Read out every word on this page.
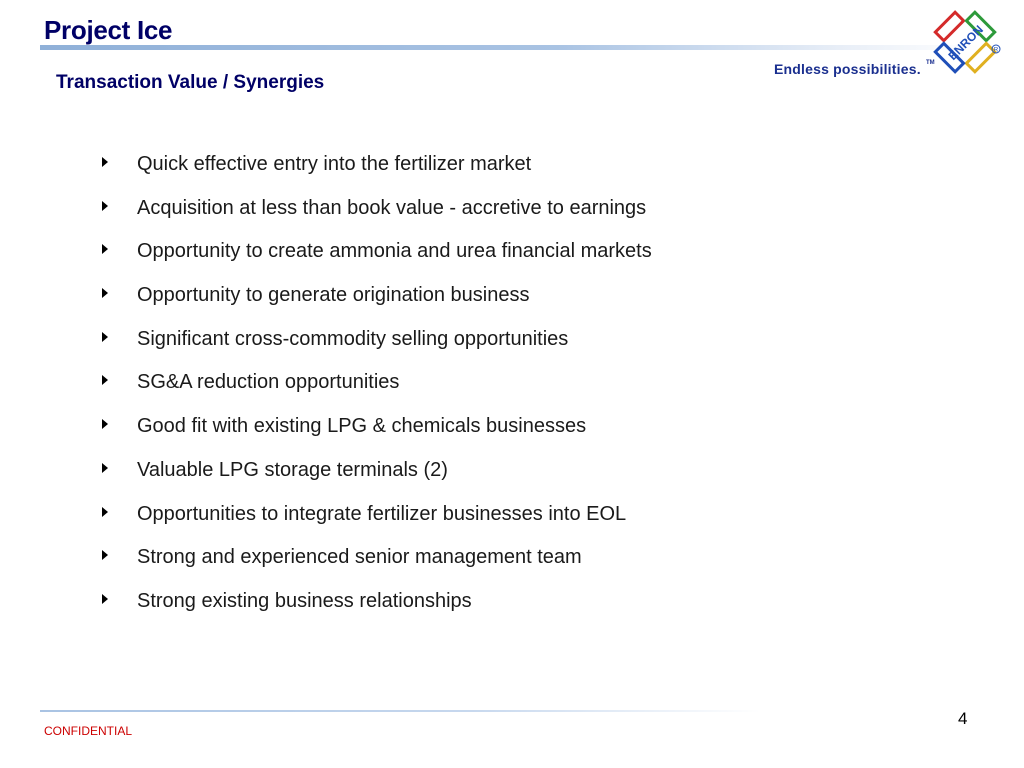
Project Ice
Transaction Value / Synergies
Endless possibilities. TM
ENRON R
Quick effective entry into the fertilizer market
Acquisition at less than book value - accretive to earnings
Opportunity to create ammonia and urea financial markets
Opportunity to generate origination business
Significant cross-commodity selling opportunities
SG&A reduction opportunities
Good fit with existing LPG & chemicals businesses
Valuable LPG storage terminals (2)
Opportunities to integrate fertilizer businesses into EOL
Strong and experienced senior management team
Strong existing business relationships
CONFIDENTIAL
4
